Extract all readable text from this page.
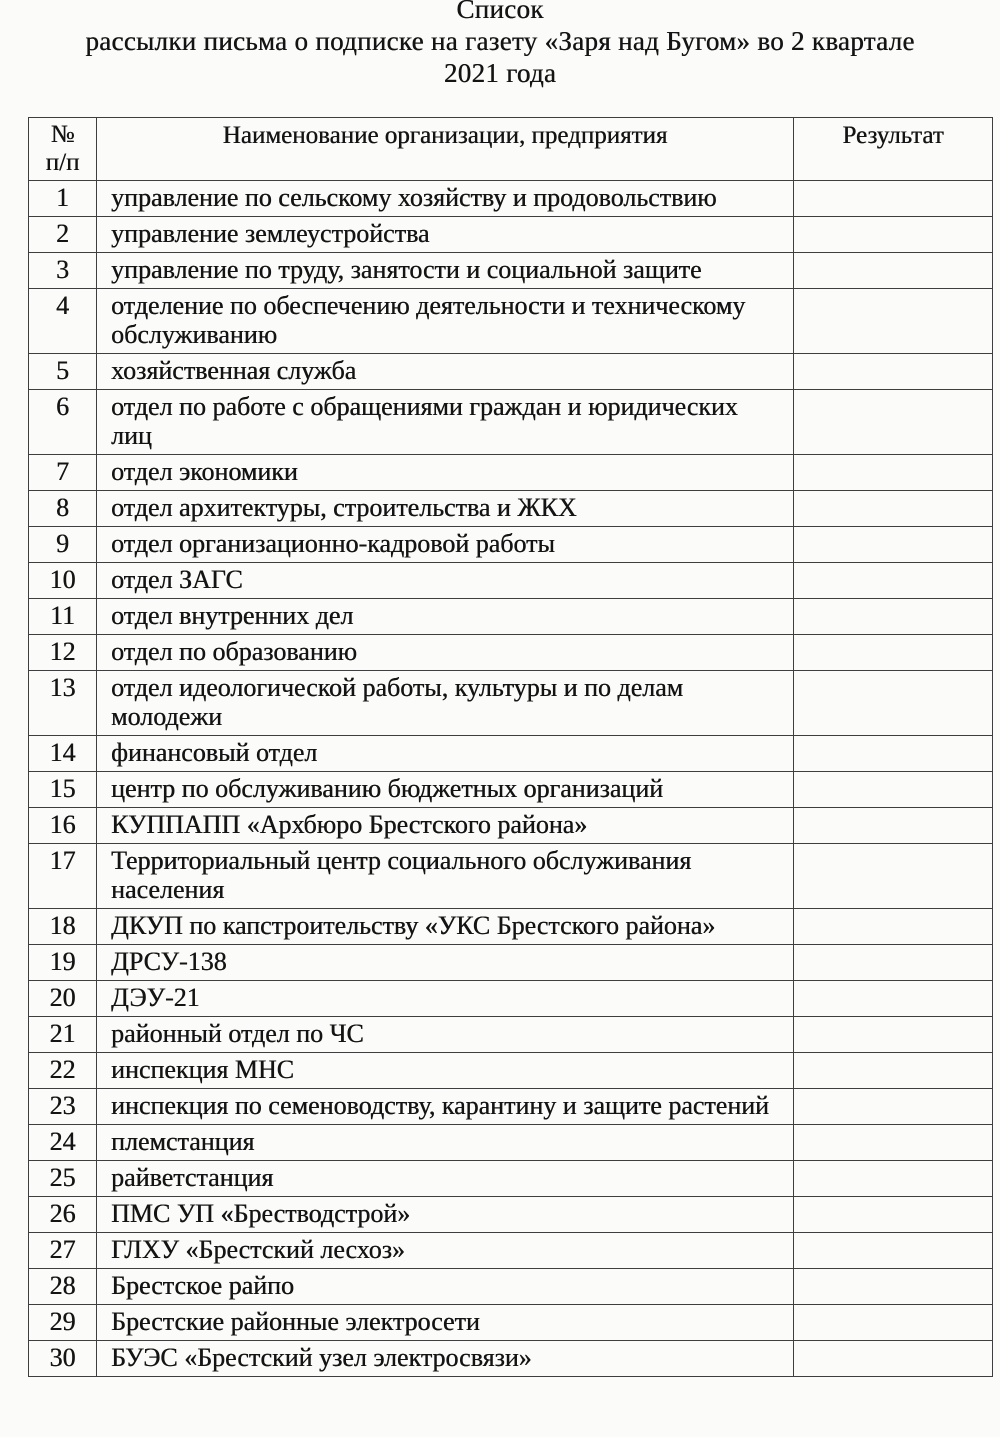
Список
рассылки письма о подписке на газету «Заря над Бугом» во 2 квартале
2021 года
№
п/п	Наименование организации, предприятия	Результат
1	управление по сельскому хозяйству и продовольствию	
2	управление землеустройства	
3	управление по труду, занятости и социальной защите	
4	отделение по обеспечению деятельности и техническому обслуживанию	
5	хозяйственная служба	
6	отдел по работе с обращениями граждан и юридических лиц	
7	отдел экономики	
8	отдел архитектуры, строительства и ЖКХ	
9	отдел организационно-кадровой работы	
10	отдел ЗАГС	
11	отдел внутренних дел	
12	отдел по образованию	
13	отдел идеологической работы, культуры и по делам молодежи	
14	финансовый отдел	
15	центр по обслуживанию бюджетных организаций	
16	КУППАПП «Архбюро Брестского района»	
17	Территориальный центр социального обслуживания населения	
18	ДКУП по капстроительству «УКС Брестского района»	
19	ДРСУ-138	
20	ДЭУ-21	
21	районный отдел по ЧС	
22	инспекция МНС	
23	инспекция по семеноводству, карантину и защите растений	
24	племстанция	
25	райветстанция	
26	ПМС УП «Брестводстрой»	
27	ГЛХУ «Брестский лесхоз»	
28	Брестское райпо	
29	Брестские районные электросети	
30	БУЭС «Брестский узел электросвязи»	
